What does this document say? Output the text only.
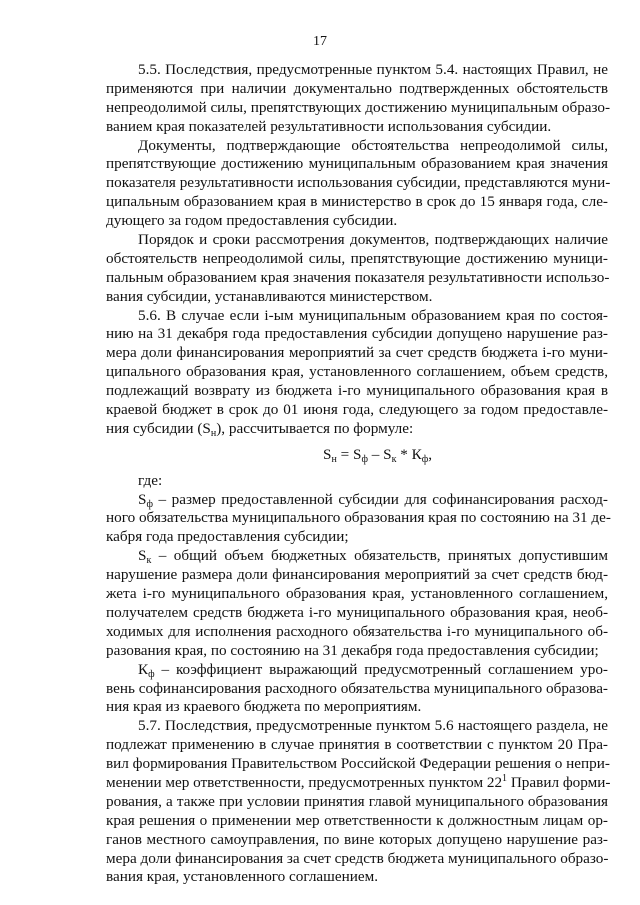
17
5.5. Последствия, предусмотренные пунктом 5.4. настоящих Правил, не
применяются при наличии документально подтвержденных обстоятельств
непреодолимой силы, препятствующих достижению муниципальным образо-
ванием края показателей результативности использования субсидии.
Документы, подтверждающие обстоятельства непреодолимой силы,
препятствующие достижению муниципальным образованием края значения
показателя результативности использования субсидии, представляются муни-
ципальным образованием края в министерство в срок до 15 января года, сле-
дующего за годом предоставления субсидии.
Порядок и сроки рассмотрения документов, подтверждающих наличие
обстоятельств непреодолимой силы, препятствующие достижению муници-
пальным образованием края значения показателя результативности использо-
вания субсидии, устанавливаются министерством.
5.6. В случае если i-ым муниципальным образованием края по состоя-
нию на 31 декабря года предоставления субсидии допущено нарушение раз-
мера доли финансирования мероприятий за счет средств бюджета i-го муни-
ципального образования края, установленного соглашением, объем средств,
подлежащий возврату из бюджета i-го муниципального образования края в
краевой бюджет в срок до 01 июня года, следующего за годом предоставле-
ния субсидии $(S_н)$, рассчитывается по формуле:
$S_н = S_ф - S_к * К_ф$,
где:
$S_ф$ – размер предоставленной субсидии для софинансирования расход-
ного обязательства муниципального образования края по состоянию на 31 де-
кабря года предоставления субсидии;
$S_к$ – общий объем бюджетных обязательств, принятых допустившим
нарушение размера доли финансирования мероприятий за счет средств бюд-
жета i-го муниципального образования края, установленного соглашением,
получателем средств бюджета i-го муниципального образования края, необ-
ходимых для исполнения расходного обязательства i-го муниципального об-
разования края, по состоянию на 31 декабря года предоставления субсидии;
$К_ф$ – коэффициент выражающий предусмотренный соглашением уро-
вень софинансирования расходного обязательства муниципального образова-
ния края из краевого бюджета по мероприятиям.
5.7. Последствия, предусмотренные пунктом 5.6 настоящего раздела, не
подлежат применению в случае принятия в соответствии с пунктом 20 Пра-
вил формирования Правительством Российской Федерации решения о непри-
менении мер ответственности, предусмотренных пунктом $22^1$ Правил форми-
рования, а также при условии принятия главой муниципального образования
края решения о применении мер ответственности к должностным лицам ор-
ганов местного самоуправления, по вине которых допущено нарушение раз-
мера доли финансирования за счет средств бюджета муниципального образо-
вания края, установленного соглашением.
